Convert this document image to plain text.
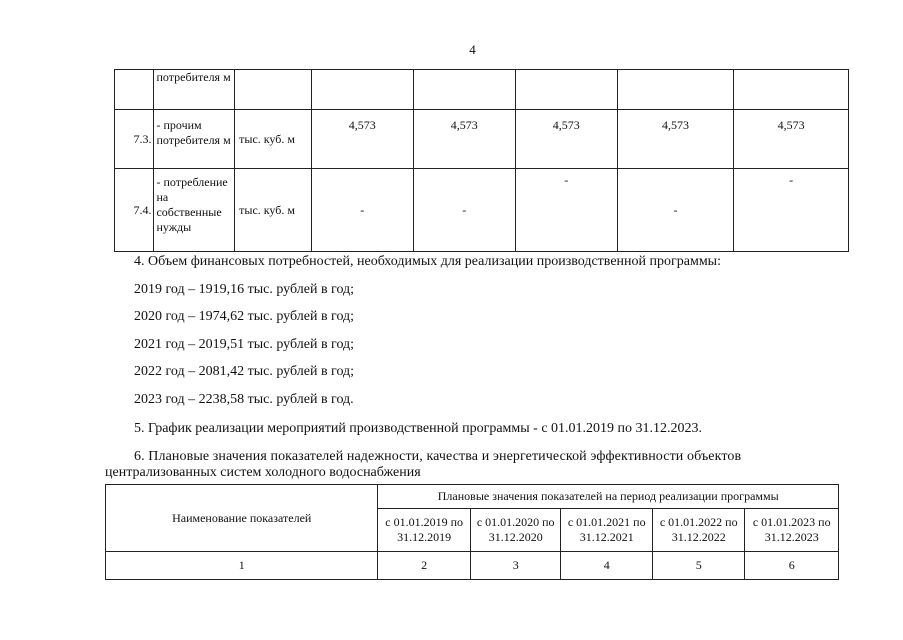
4
	потребителя м						
7.3.	- прочим потребителя м	тыс. куб. м	4,573	4,573	4,573	4,573	4,573
7.4.	- потребление на собственные нужды	тыс. куб. м	-	-	-	-	-
4. Объем финансовых потребностей, необходимых для реализации производственной программы:
2019 год – 1919,16 тыс. рублей в год;
2020 год – 1974,62 тыс. рублей в год;
2021 год – 2019,51 тыс. рублей в год;
2022 год – 2081,42 тыс. рублей в год;
2023 год – 2238,58 тыс. рублей в год.
5. График реализации мероприятий производственной программы - с 01.01.2019 по 31.12.2023.
6. Плановые значения показателей надежности, качества и энергетической эффективности объектов
централизованных систем холодного водоснабжения
Наименование показателей	Плановые значения показателей на период реализации программы				
	с 01.01.2019 по 31.12.2019	с 01.01.2020 по 31.12.2020	с 01.01.2021 по 31.12.2021	с 01.01.2022 по 31.12.2022	с 01.01.2023 по 31.12.2023
1	2	3	4	5	6
